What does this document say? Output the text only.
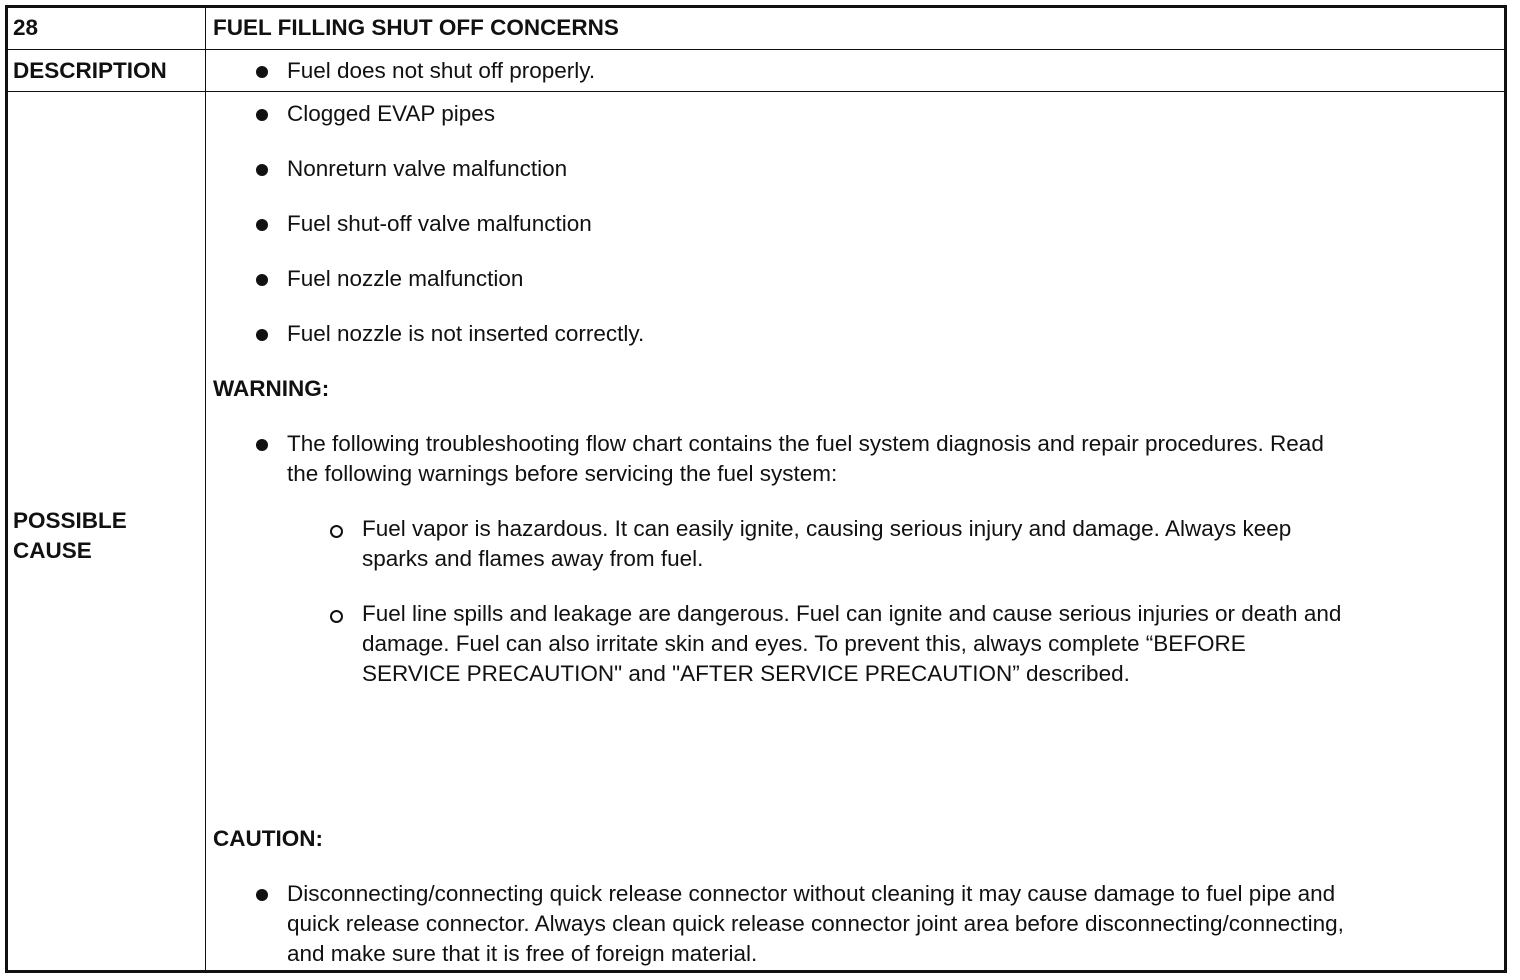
28	FUEL FILLING SHUT OFF CONCERNS
DESCRIPTION	Fuel does not shut off properly.
POSSIBLE
CAUSE
Clogged EVAP pipes
Nonreturn valve malfunction
Fuel shut-off valve malfunction
Fuel nozzle malfunction
Fuel nozzle is not inserted correctly.
WARNING:
The following troubleshooting flow chart contains the fuel system diagnosis and repair procedures. Read
the following warnings before servicing the fuel system:
Fuel vapor is hazardous. It can easily ignite, causing serious injury and damage. Always keep
sparks and flames away from fuel.
Fuel line spills and leakage are dangerous. Fuel can ignite and cause serious injuries or death and
damage. Fuel can also irritate skin and eyes. To prevent this, always complete “BEFORE
SERVICE PRECAUTION" and "AFTER SERVICE PRECAUTION” described.
CAUTION:
Disconnecting/connecting quick release connector without cleaning it may cause damage to fuel pipe and
quick release connector. Always clean quick release connector joint area before disconnecting/connecting,
and make sure that it is free of foreign material.
